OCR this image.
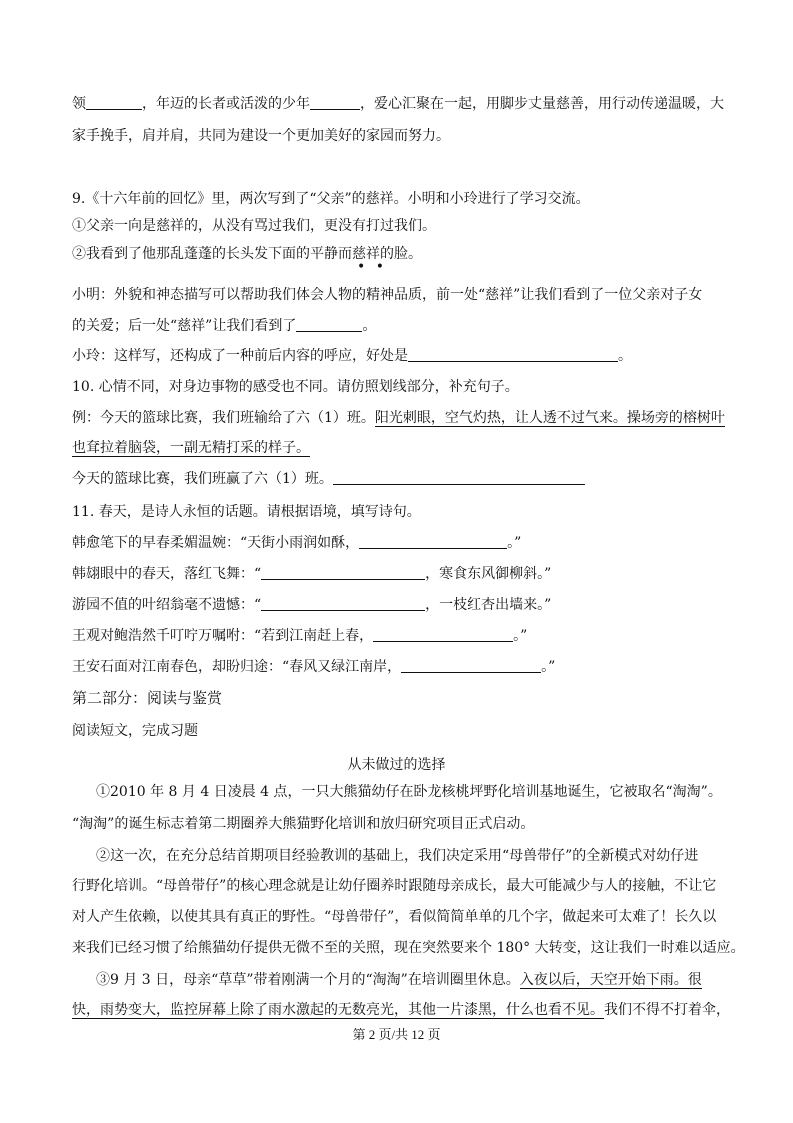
领	，年迈的长者或活泼的少年	，爱心汇聚在一起，用脚步丈量慈善，用行动传递温暖，大
家手挽手，肩并肩，共同为建设一个更加美好的家园而努力。
9.《十六年前的回忆》里，两次写到了“父亲”的慈祥。小明和小玲进行了学习交流。
①父亲一向是慈祥的，从没有骂过我们，更没有打过我们。
②我看到了他那乱蓬蓬的长头发下面的平静而慈祥的脸。
• •
小明：外貌和神态描写可以帮助我们体会人物的精神品质，前一处“慈祥”让我们看到了一位父亲对子女
的关爱；后一处“慈祥”让我们看到了	。
小玲：这样写，还构成了一种前后内容的呼应，好处是	。
10. 心情不同，对身边事物的感受也不同。请仿照划线部分，补充句子。
例：今天的篮球比赛，我们班输给了六（1）班。阳光刺眼，空气灼热，让人透不过气来。操场旁的榕树叶
也耷拉着脑袋，一副无精打采的样子。
今天的篮球比赛，我们班赢了六（1）班。
11. 春天，是诗人永恒的话题。请根据语境，填写诗句。
韩愈笔下的早春柔媚温婉：“天街小雨润如酥，	。”
韩翃眼中的春天，落红飞舞：“	，寒食东风御柳斜。”
游园不值的叶绍翁毫不遗憾：“	，一枝红杏出墙来。”
王观对鲍浩然千叮咛万嘱咐：“若到江南赶上春，	。”
王安石面对江南春色，却盼归途：“春风又绿江南岸，	。”
第二部分：阅读与鉴赏
阅读短文，完成习题
从未做过的选择
①2010 年 8 月 4 日凌晨 4 点，一只大熊猫幼仔在卧龙核桃坪野化培训基地诞生，它被取名“淘淘”。
“淘淘”的诞生标志着第二期圈养大熊猫野化培训和放归研究项目正式启动。
②这一次，在充分总结首期项目经验教训的基础上，我们决定采用“母兽带仔”的全新模式对幼仔进
行野化培训。“母兽带仔”的核心理念就是让幼仔圈养时跟随母亲成长，最大可能减少与人的接触，不让它
对人产生依赖，以使其具有真正的野性。“母兽带仔”，看似简简单单的几个字，做起来可太难了！长久以
来我们已经习惯了给熊猫幼仔提供无微不至的关照，现在突然要来个 180° 大转变，这让我们一时难以适应。
③9 月 3 日，母亲“草草”带着刚满一个月的“淘淘”在培训圈里休息。入夜以后，天空开始下雨。很
快，雨势变大，监控屏幕上除了雨水激起的无数亮光，其他一片漆黑，什么也看不见。我们不得不打着伞，
第 2 页/共 12 页
